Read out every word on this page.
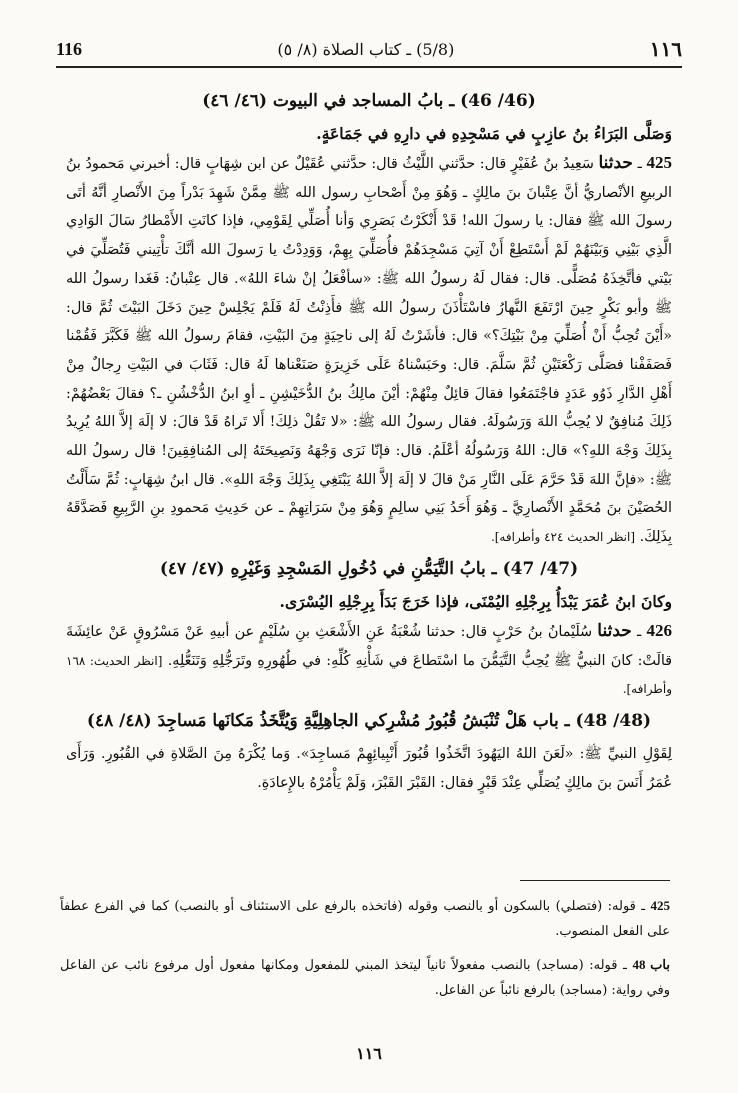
116	(5/8) ـ كتاب الصلاة (٨/ ٥)	١١٦
(46/ 46) ـ بابُ المساجد في البيوت (٤٦/ ٤٦)

وَصَلَّى البَرَاءُ بنُ عازِبٍ في مَسْجِدِهِ في دارِهِ في جَمَاعَةٍ.

425 ـ حدثنا سَعِيدُ بنُ عُفَيْرٍ قال: حدَّثني اللَّيْثُ قال: حدَّثني عُقَيْلٌ عن ابن شِهَابٍ قال: أخبرني مَحمودُ بنُ الربيعِ الأنْصاريُّ أنَّ عِتْبانَ بنَ مالِكٍ ـ وَهُوَ مِنْ أَصْحابِ رسول الله ﷺ مِمَّنْ شَهِدَ بَدْراً مِنَ الأَنْصارِ أنَّهُ أتَى رسولَ الله ﷺ فقال: يا رسولَ الله! قَدْ أَنْكَرْتُ بَصَرِي وَأنا أُصَلِّي لِقَوْمِي، فإذا كانَتِ الأَمْطارُ سَالَ الوَادِي الَّذِي بَيْنِي وَبَيْنَهُمْ لَمْ أَسْتَطِعْ أَنْ آتِيَ مَسْجِدَهُمْ فأُصَلِّيَ بِهِمْ، وَوَدِدْتُ يا رَسولَ الله أنَّكَ تأْتِيني فَتُصَلِّيَ في بَيْتي فأتَّخِذَهُ مُصَلًّى. قال: فقال لَهُ رسولُ الله ﷺ: «سأفْعَلُ إنْ شاءَ اللهُ». قال عِتْبانُ: فَغَدا رسولُ الله ﷺ وأبو بَكْرٍ حِينَ ارْتَفَعَ النَّهارُ فاسْتَأْذَنَ رسولُ الله ﷺ فأَذِنْتُ لَهُ فَلَمْ يَجْلِسْ حِينَ دَخَلَ البَيْتَ ثُمَّ قال: «أَيْنَ تُحِبُّ أَنْ أُصَلِّيَ مِنْ بَيْتِكَ؟» قال: فأشَرْتُ لَهُ إلى ناحِيَةٍ مِنَ البَيْتِ، فقامَ رسولُ الله ﷺ فَكَبَّرَ فَقُمْنا فَصَفَفْنا فصَلَّى رَكْعَتَيْنِ ثُمَّ سَلَّمَ. قال: وحَبَسْناهُ عَلَى خَزِيرَةٍ صَنَعْناها لَهُ قال: فَثَابَ في البَيْتِ رِجالٌ مِنْ أَهْلِ الدَّارِ ذَوُو عَدَدٍ فاجْتَمَعُوا فقالَ قائِلٌ مِنْهُمْ: أيْنَ مالِكُ بنُ الدُّخَيْشِنِ ـ أوِ ابنُ الدُّخْشُنِ ـ؟ فقالَ بَعْضُهُمْ: ذَلِكَ مُنافِقٌ لا يُحِبُّ اللهَ وَرَسُولَهُ. فقال رسولُ الله ﷺ: «لا تَقُلْ ذلِكَ! أَلا تَراهُ قَدْ قالَ: لا إلَهَ إلاَّ اللهُ يُرِيدُ بِذَلِكَ وَجْهَ اللهِ؟» قال: اللهُ وَرَسُولُهُ أعْلَمُ. قال: فإنّا نَرَى وَجْهَهُ وَنَصِيحَتَهُ إلى المُنافِقِينَ! قال رسولُ الله ﷺ: «فإنَّ اللهَ قَدْ حَرَّمَ عَلَى النَّارِ مَنْ قالَ لا إلَهَ إلاَّ اللهُ يَبْتَغِي بِذَلِكَ وَجْهَ اللهِ». قال ابنُ شِهَابٍ: ثُمَّ سَأَلْتُ الحُصَيْنَ بنَ مُحَمَّدٍ الأَنْصارِيَّ ـ وَهُوَ أَحَدُ بَنِي سالِمٍ وَهُوَ مِنْ سَرَاتِهِمْ ـ عن حَدِيثِ مَحمودِ بنِ الرَّبِيعِ فَصَدَّقَهُ بِذَلِكَ. [انظر الحديث ٤٢٤ وأطرافه].

(47/ 47) ـ بابُ التَّيَمُّنِ في دُخُولِ المَسْجِدِ وَغَيْرِهِ (٤٧/ ٤٧)

وكانَ ابنُ عُمَرَ يَبْدَأُ بِرِجْلِهِ اليُمْنَى، فإذا خَرَجَ بَدَأَ بِرِجْلِهِ اليُسْرَى.

426 ـ حدثنا سُلَيْمانُ بنُ حَرْبٍ قال: حدثنا شُعْبَةُ عَنِ الأَشْعَثِ بنِ سُلَيْمٍ عن أبيهِ عَنْ مَسْرُوقٍ عَنْ عائِشَةَ قالَتْ: كانَ النبيُّ ﷺ يُحِبُّ التَّيَمُّنَ ما اسْتَطاعَ في شَأْنِهِ كُلِّهِ: في طُهُورِهِ وتَرَجُّلِهِ وَتَنَعُّلِهِ. [انظر الحديث: ١٦٨ وأطرافه].

(48/ 48) ـ باب هَلْ تُنْبَشُ قُبُورُ مُشْرِكي الجاهِلِيَّةِ وَيُتَّخَذُ مَكانَها مَساجِدَ (٤٨/ ٤٨)

لِقَوْلِ النبيِّ ﷺ: «لَعَنَ اللهُ اليَهُودَ اتَّخَذُوا قُبُورَ أَنْبِيائِهِمْ مَساجِدَ». وَما يُكْرَهُ مِنَ الصَّلاةِ في القُبُورِ. وَرَأَى عُمَرُ أَنَسَ بنَ مالِكٍ يُصَلِّي عِنْدَ قَبْرٍ فقال: القَبْرَ القَبْرَ، وَلَمْ يَأْمُرْهُ بالإِعادَةِ.

425 ـ قوله: (فتصلي) بالسكون أو بالنصب وقوله (فاتخذه بالرفع على الاستئناف أو بالنصب) كما في الفرع عطفاً على الفعل المنصوب.
باب 48 ـ قوله: (مساجد) بالنصب مفعولاً ثانياً ليتخذ المبني للمفعول ومكانها مفعول أول مرفوع نائب عن الفاعل وفي رواية: (مساجد) بالرفع نائباً عن الفاعل.
١١٦
